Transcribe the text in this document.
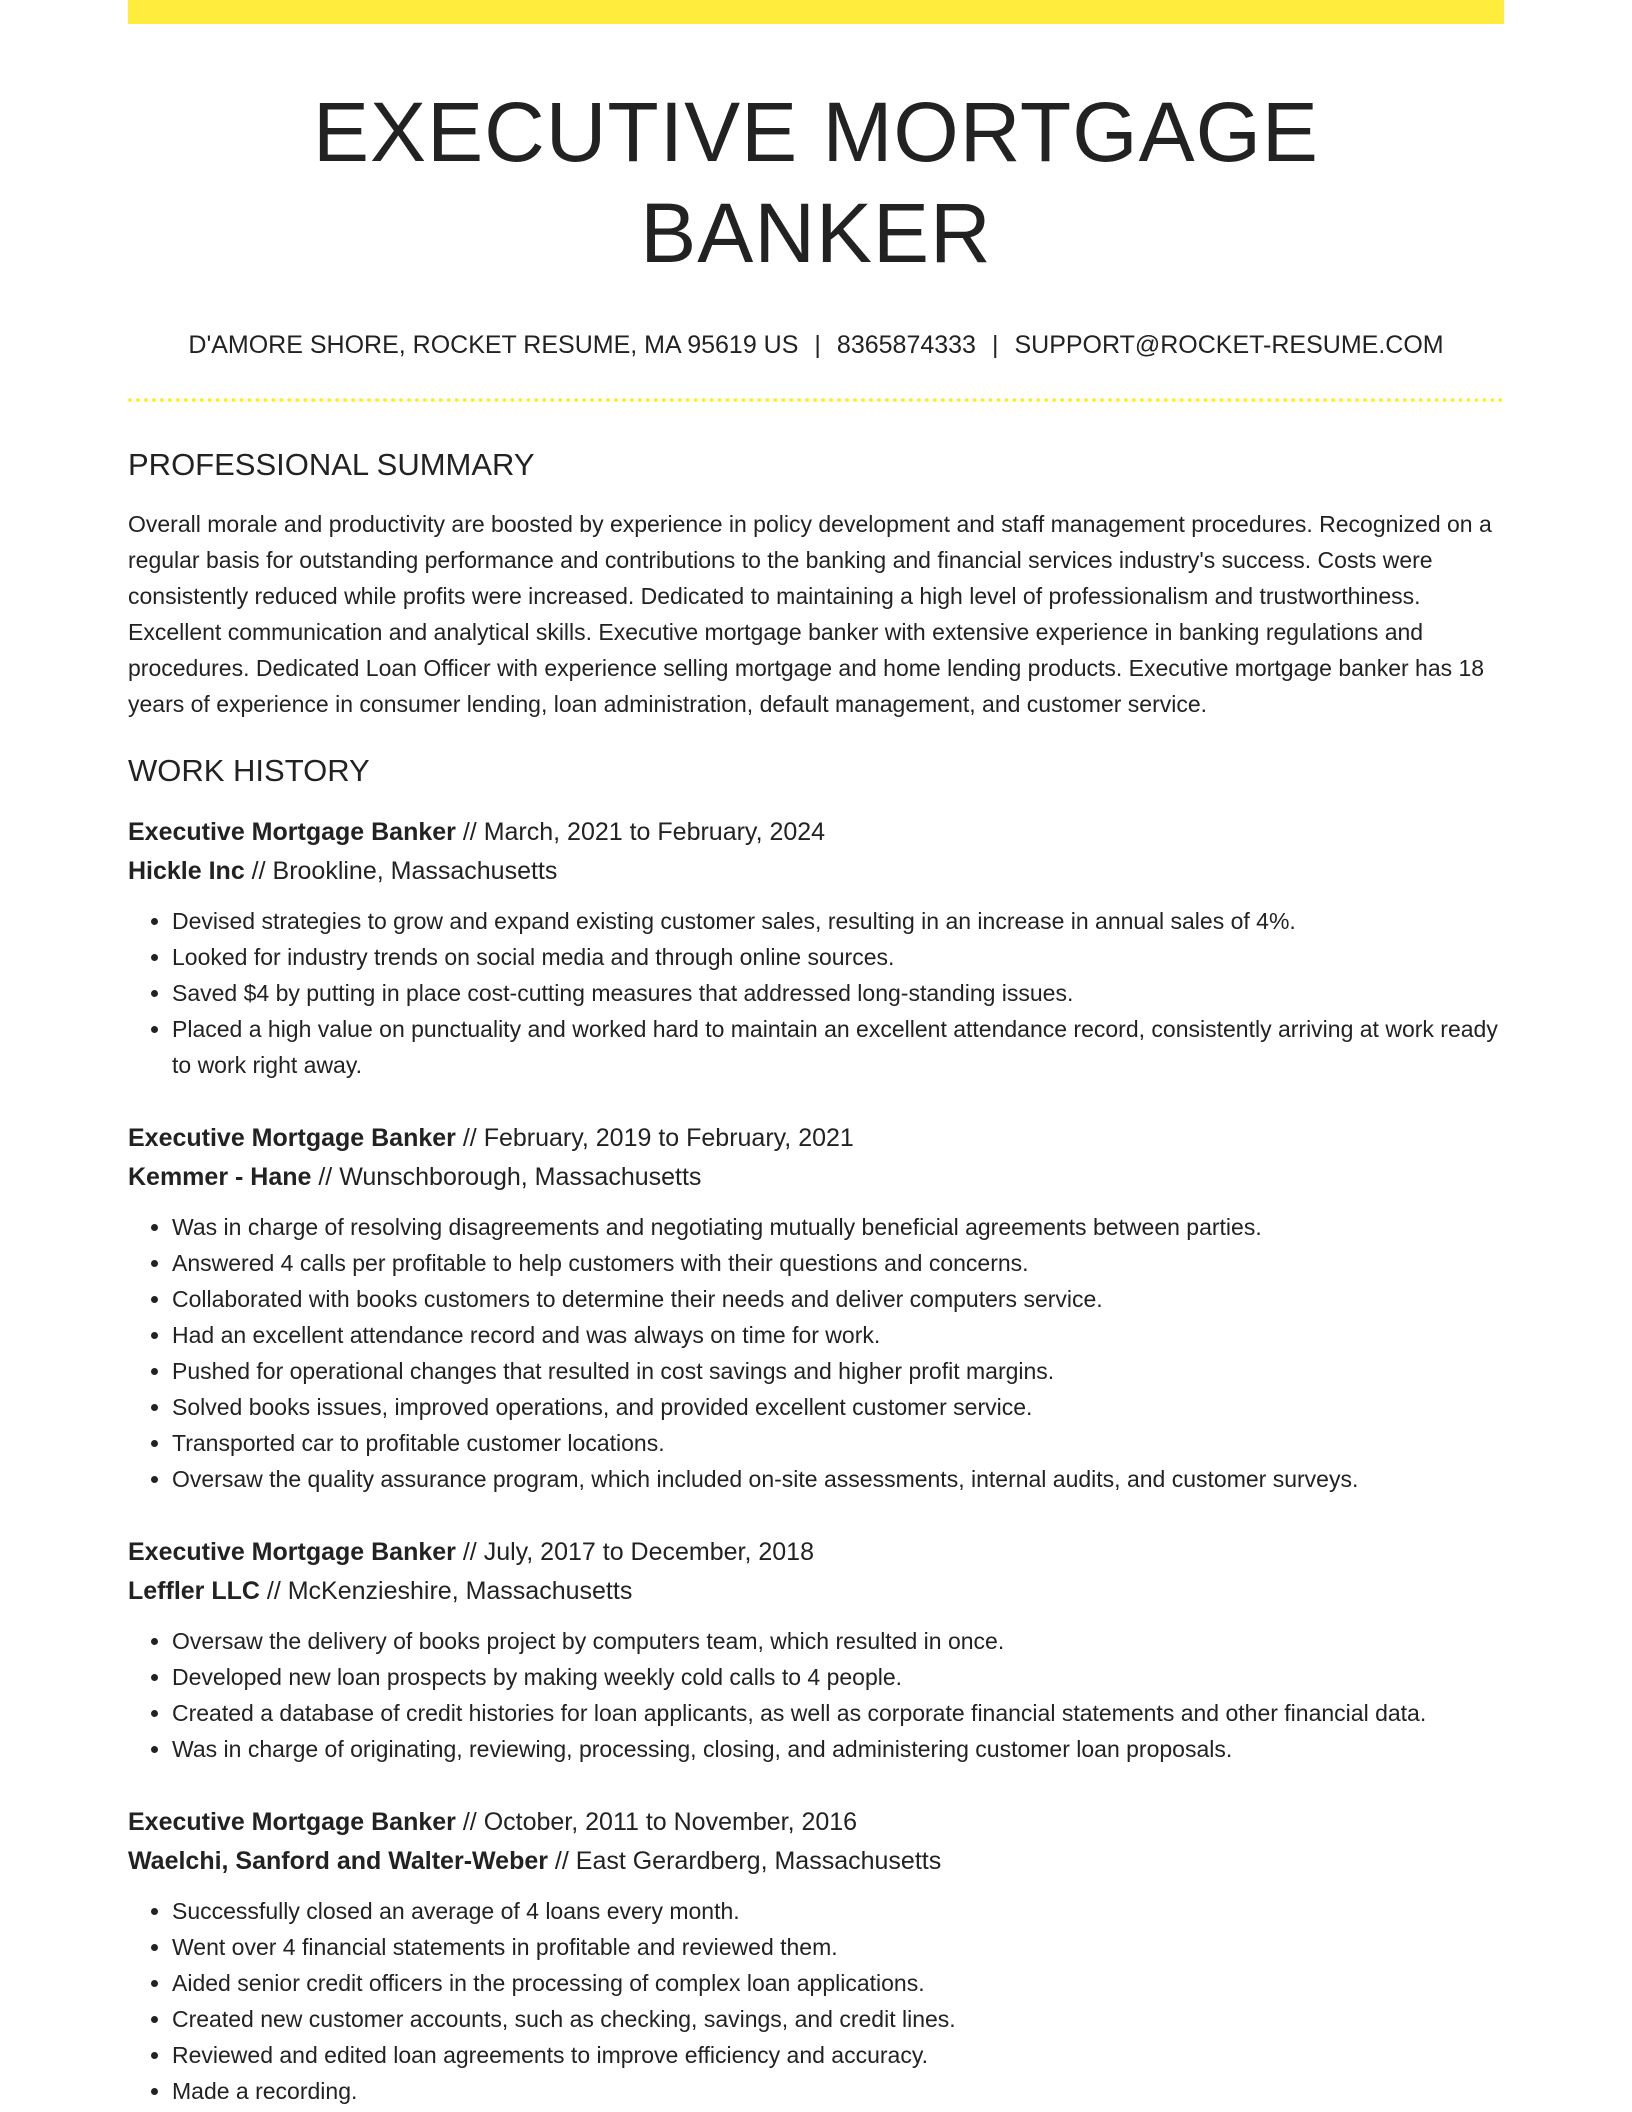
EXECUTIVE MORTGAGE BANKER
D'AMORE SHORE, ROCKET RESUME, MA 95619 US | 8365874333 | SUPPORT@ROCKET-RESUME.COM
PROFESSIONAL SUMMARY

Overall morale and productivity are boosted by experience in policy development and staff management procedures. Recognized on a regular basis for outstanding performance and contributions to the banking and financial services industry's success. Costs were consistently reduced while profits were increased. Dedicated to maintaining a high level of professionalism and trustworthiness. Excellent communication and analytical skills. Executive mortgage banker with extensive experience in banking regulations and procedures. Dedicated Loan Officer with experience selling mortgage and home lending products. Executive mortgage banker has 18 years of experience in consumer lending, loan administration, default management, and customer service.

WORK HISTORY

Executive Mortgage Banker // March, 2021 to February, 2024

Hickle Inc // Brookline, Massachusetts

• Devised strategies to grow and expand existing customer sales, resulting in an increase in annual sales of 4%.
• Looked for industry trends on social media and through online sources.
• Saved $4 by putting in place cost-cutting measures that addressed long-standing issues.
• Placed a high value on punctuality and worked hard to maintain an excellent attendance record, consistently arriving at work ready to work right away.

Executive Mortgage Banker // February, 2019 to February, 2021

Kemmer - Hane // Wunschborough, Massachusetts

• Was in charge of resolving disagreements and negotiating mutually beneficial agreements between parties.
• Answered 4 calls per profitable to help customers with their questions and concerns.
• Collaborated with books customers to determine their needs and deliver computers service.
• Had an excellent attendance record and was always on time for work.
• Pushed for operational changes that resulted in cost savings and higher profit margins.
• Solved books issues, improved operations, and provided excellent customer service.
• Transported car to profitable customer locations.
• Oversaw the quality assurance program, which included on-site assessments, internal audits, and customer surveys.

Executive Mortgage Banker // July, 2017 to December, 2018

Leffler LLC // McKenzieshire, Massachusetts

• Oversaw the delivery of books project by computers team, which resulted in once.
• Developed new loan prospects by making weekly cold calls to 4 people.
• Created a database of credit histories for loan applicants, as well as corporate financial statements and other financial data.
• Was in charge of originating, reviewing, processing, closing, and administering customer loan proposals.

Executive Mortgage Banker // October, 2011 to November, 2016

Waelchi, Sanford and Walter-Weber // East Gerardberg, Massachusetts

• Successfully closed an average of 4 loans every month.
• Went over 4 financial statements in profitable and reviewed them.
• Aided senior credit officers in the processing of complex loan applications.
• Created new customer accounts, such as checking, savings, and credit lines.
• Reviewed and edited loan agreements to improve efficiency and accuracy.
• Made a recording.
